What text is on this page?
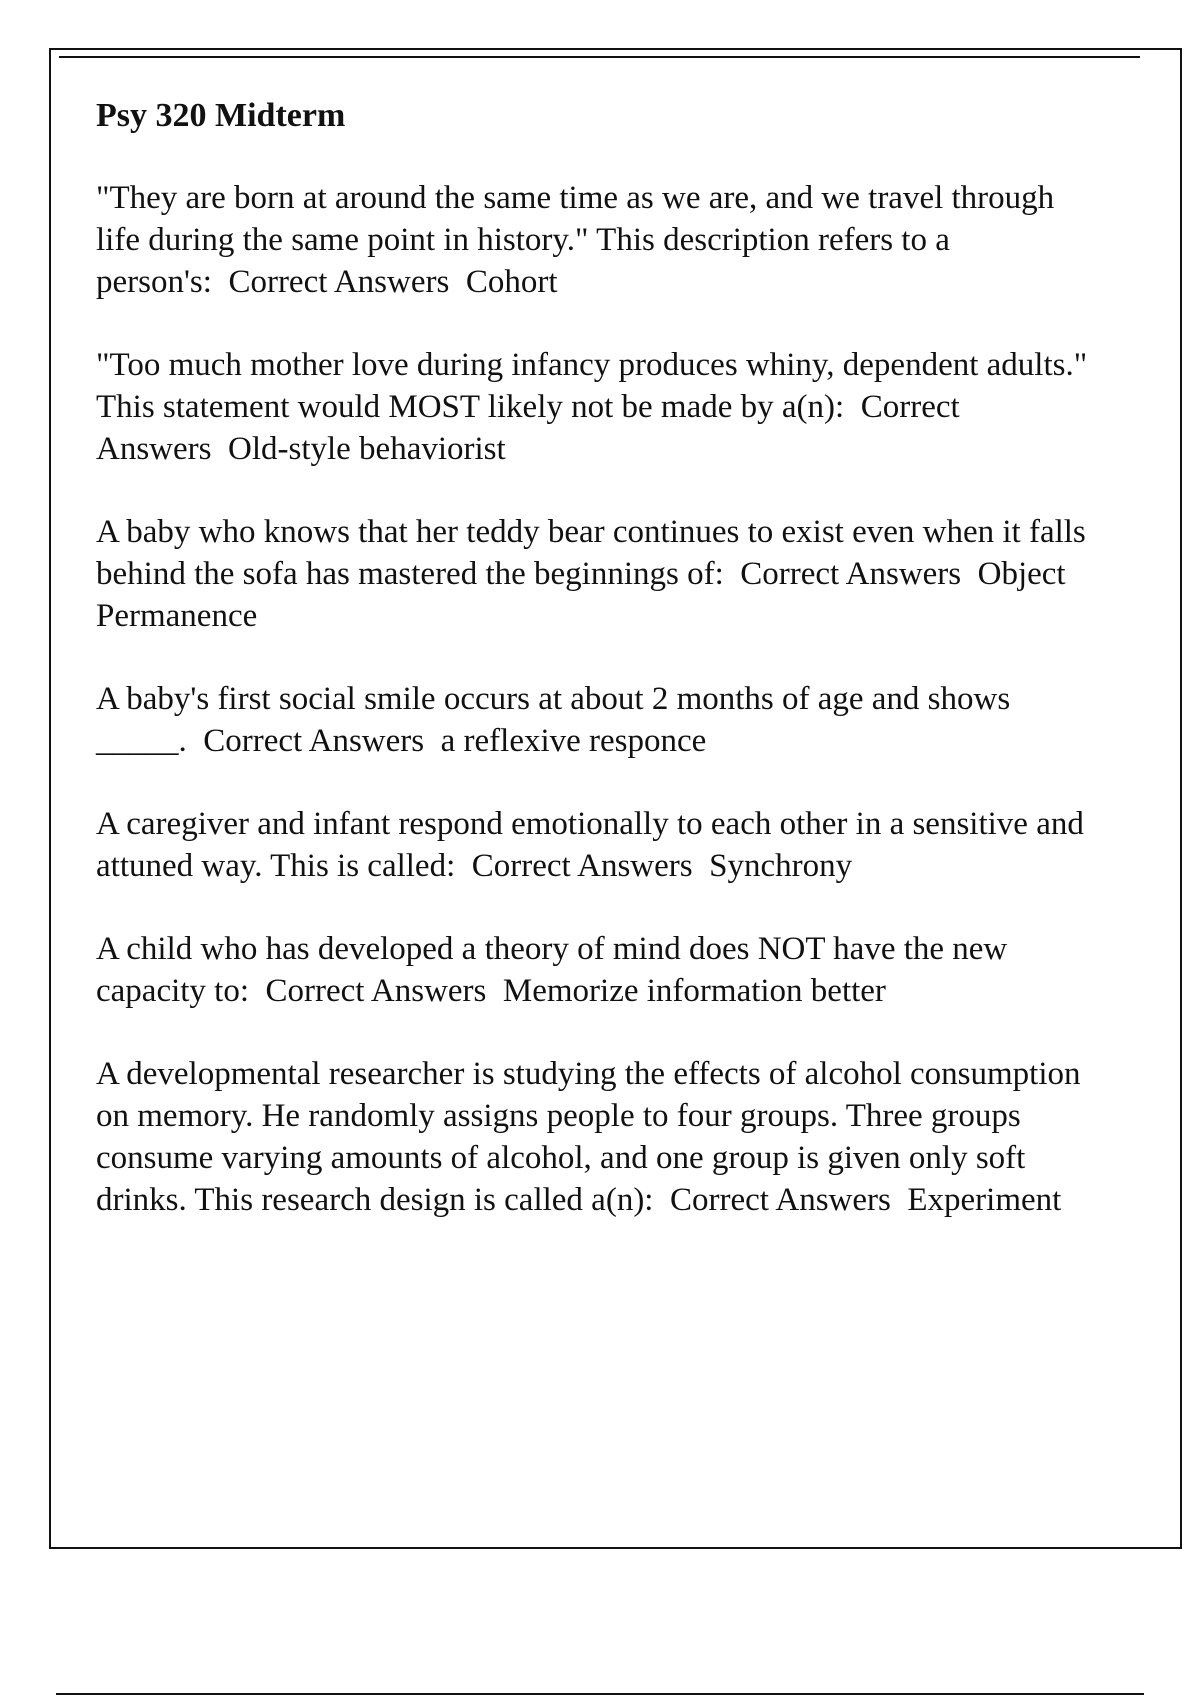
Psy 320 Midterm

"They are born at around the same time as we are, and we travel through life during the same point in history." This description refers to a person's: Correct Answers Cohort

"Too much mother love during infancy produces whiny, dependent adults." This statement would MOST likely not be made by a(n): Correct Answers Old-style behaviorist

A baby who knows that her teddy bear continues to exist even when it falls behind the sofa has mastered the beginnings of: Correct Answers Object Permanence

A baby's first social smile occurs at about 2 months of age and shows _____. Correct Answers a reflexive responce

A caregiver and infant respond emotionally to each other in a sensitive and attuned way. This is called: Correct Answers Synchrony

A child who has developed a theory of mind does NOT have the new capacity to: Correct Answers Memorize information better

A developmental researcher is studying the effects of alcohol consumption on memory. He randomly assigns people to four groups. Three groups consume varying amounts of alcohol, and one group is given only soft drinks. This research design is called a(n): Correct Answers Experiment
